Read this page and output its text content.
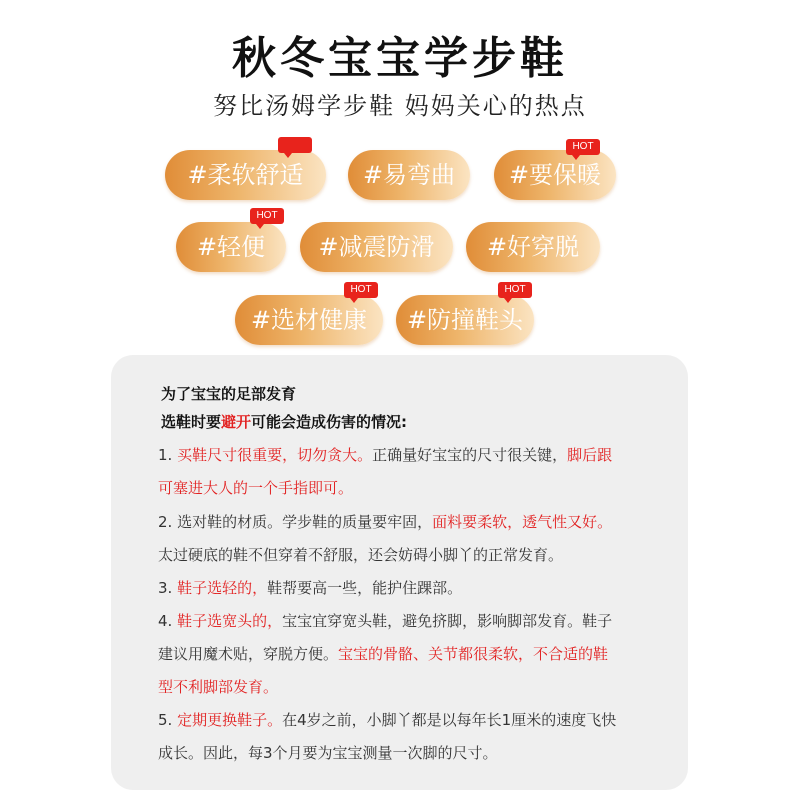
秋冬宝宝学步鞋
努比汤姆学步鞋 妈妈关心的热点
#柔软舒适	#易弯曲	#要保暖
HOT
#轻便
HOT
#减震防滑	#好穿脱
#选材健康
HOT
#防撞鞋头
HOT
为了宝宝的足部发育
选鞋时要避开可能会造成伤害的情况:
1. 买鞋尺寸很重要，切勿贪大。正确量好宝宝的尺寸很关键，脚后跟
可塞进大人的一个手指即可。
2. 选对鞋的材质。学步鞋的质量要牢固，面料要柔软，透气性又好。
太过硬底的鞋不但穿着不舒服，还会妨碍小脚丫的正常发育。
3. 鞋子选轻的，鞋帮要高一些，能护住踝部。
4. 鞋子选宽头的，宝宝宜穿宽头鞋，避免挤脚，影响脚部发育。鞋子
建议用魔术贴，穿脱方便。宝宝的骨骼、关节都很柔软，不合适的鞋
型不利脚部发育。
5. 定期更换鞋子。在4岁之前，小脚丫都是以每年长1厘米的速度飞快
成长。因此，每3个月要为宝宝测量一次脚的尺寸。
